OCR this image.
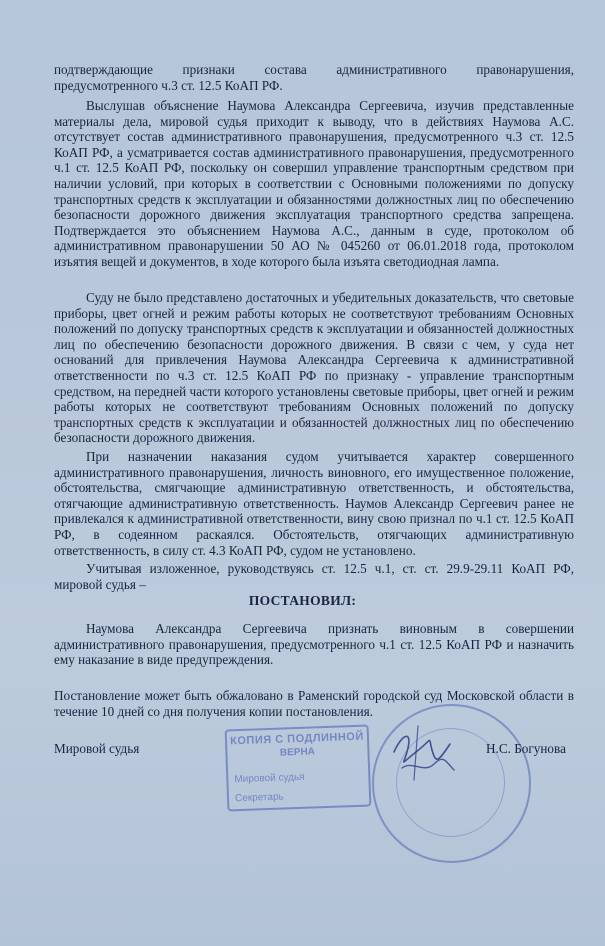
подтверждающие признаки состава административного правонарушения, предусмотренного ч.3 ст. 12.5 КоАП РФ.

Выслушав объяснение Наумова Александра Сергеевича, изучив представленные материалы дела, мировой судья приходит к выводу, что в действиях Наумова А.С. отсутствует состав административного правонарушения, предусмотренного ч.3 ст. 12.5 КоАП РФ, а усматривается состав административного правонарушения, предусмотренного ч.1 ст. 12.5 КоАП РФ, поскольку он совершил управление транспортным средством при наличии условий, при которых в соответствии с Основными положениями по допуску транспортных средств к эксплуатации и обязанностями должностных лиц по обеспечению безопасности дорожного движения эксплуатация транспортного средства запрещена. Подтверждается это объяснением Наумова А.С., данным в суде, протоколом об административном правонарушении 50 АО № 045260 от 06.01.2018 года, протоколом изъятия вещей и документов, в ходе которого была изъята светодиодная лампа.

Суду не было представлено достаточных и убедительных доказательств, что световые приборы, цвет огней и режим работы которых не соответствуют требованиям Основных положений по допуску транспортных средств к эксплуатации и обязанностей должностных лиц по обеспечению безопасности дорожного движения. В связи с чем, у суда нет оснований для привлечения Наумова Александра Сергеевича к административной ответственности по ч.3 ст. 12.5 КоАП РФ по признаку - управление транспортным средством, на передней части которого установлены световые приборы, цвет огней и режим работы которых не соответствуют требованиям Основных положений по допуску транспортных средств к эксплуатации и обязанностей должностных лиц по обеспечению безопасности дорожного движения.

При назначении наказания судом учитывается характер совершенного административного правонарушения, личность виновного, его имущественное положение, обстоятельства, смягчающие административную ответственность, и обстоятельства, отягчающие административную ответственность. Наумов Александр Сергеевич ранее не привлекался к административной ответственности, вину свою признал по ч.1 ст. 12.5 КоАП РФ, в содеянном раскаялся. Обстоятельств, отягчающих административную ответственность, в силу ст. 4.3 КоАП РФ, судом не установлено.

Учитывая изложенное, руководствуясь ст. 12.5 ч.1, ст. ст. 29.9-29.11 КоАП РФ, мировой судья –

ПОСТАНОВИЛ:

Наумова Александра Сергеевича признать виновным в совершении административного правонарушения, предусмотренного ч.1 ст. 12.5 КоАП РФ и назначить ему наказание в виде предупреждения.

Постановление может быть обжаловано в Раменский городской суд Московской области в течение 10 дней со дня получения копии постановления.

КОПИЯ С ПОДЛИННОЙ
ВЕРНА
Мировой судья
Секретарь
Мировой судья	Н.С. Богунова
